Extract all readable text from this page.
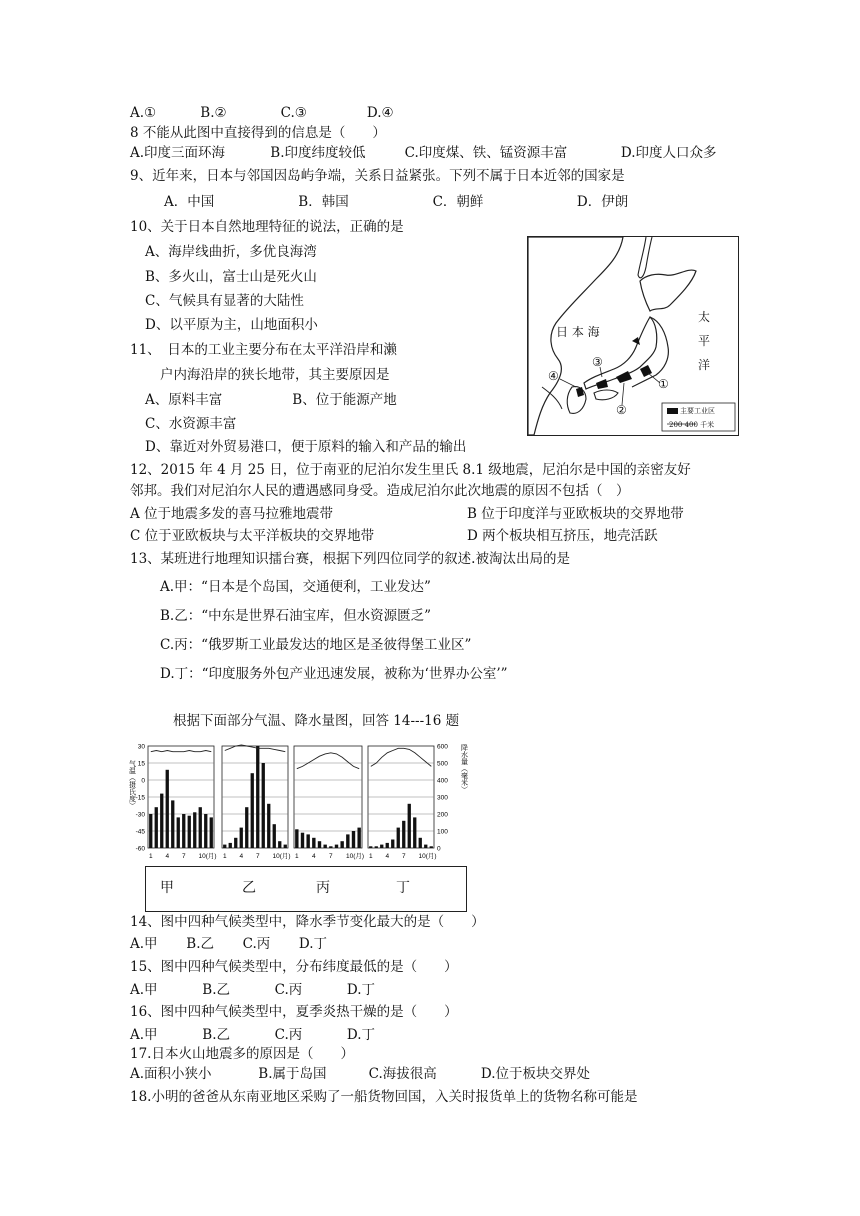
A.①	B.②	C.③	D.④
8 不能从此图中直接得到的信息是（　　）
A.印度三面环海	B.印度纬度较低	C.印度煤、铁、锰资源丰富	D.印度人口众多
9、近年来，日本与邻国因岛屿争端，关系日益紧张。下列不属于日本近邻的国家是
A．中国	B．韩国	C．朝鲜	D．伊朗
10、关于日本自然地理特征的说法，正确的是
A、海岸线曲折，多优良海湾
B、多火山，富士山是死火山
C、气候具有显著的大陆性
D、以平原为主，山地面积小
11、　日本的工业主要分布在太平洋沿岸和濑
户内海沿岸的狭长地带，其主要原因是
A、原料丰富	B、位于能源产地
C、水资源丰富
D、靠近对外贸易港口，便于原料的输入和产品的输出
日 本 海
太
平
洋
①
②
③
④
主要工业区
200 400 千米
12、2015 年 4 月 25 日，位于南亚的尼泊尔发生里氏 8.1 级地震，尼泊尔是中国的亲密友好
邻邦。我们对尼泊尔人民的遭遇感同身受。造成尼泊尔此次地震的原因不包括（　）
A 位于地震多发的喜马拉雅地震带	B 位于印度洋与亚欧板块的交界地带
C 位于亚欧板块与太平洋板块的交界地带	D 两个板块相互挤压，地壳活跃
13、某班进行地理知识擂台赛，根据下列四位同学的叙述.被淘汰出局的是
A.甲：“日本是个岛国，交通便利，工业发达”
B.乙：“中东是世界石油宝库，但水资源匮乏”
C.丙：“俄罗斯工业最发达的地区是圣彼得堡工业区”
D.丁：“印度服务外包产业迅速发展，被称为‘世界办公室’”
根据下面部分气温、降水量图，回答 14---16 题
气温（摄氏度）	降水量（毫米）
30
15
0
-15
-30
-45
-60
600
500
400
300
200
100
0
1 4 7 10(月) 1 4 7 10(月) 1 4 7 10(月) 1 4 7 10(月)
甲	乙	丙	丁
14、图中四种气候类型中，降水季节变化最大的是（　　）
A.甲 B.乙 C.丙 D.丁
15、图中四种气候类型中，分布纬度最低的是（　　）
A.甲	B.乙	C.丙	D.丁
16、图中四种气候类型中，夏季炎热干燥的是（　　）
A.甲	B.乙	C.丙	D.丁
17.日本火山地震多的原因是（　　）
A.面积小狭小	B.属于岛国	C.海拔很高	D.位于板块交界处
18.小明的爸爸从东南亚地区采购了一船货物回国，入关时报货单上的货物名称可能是
